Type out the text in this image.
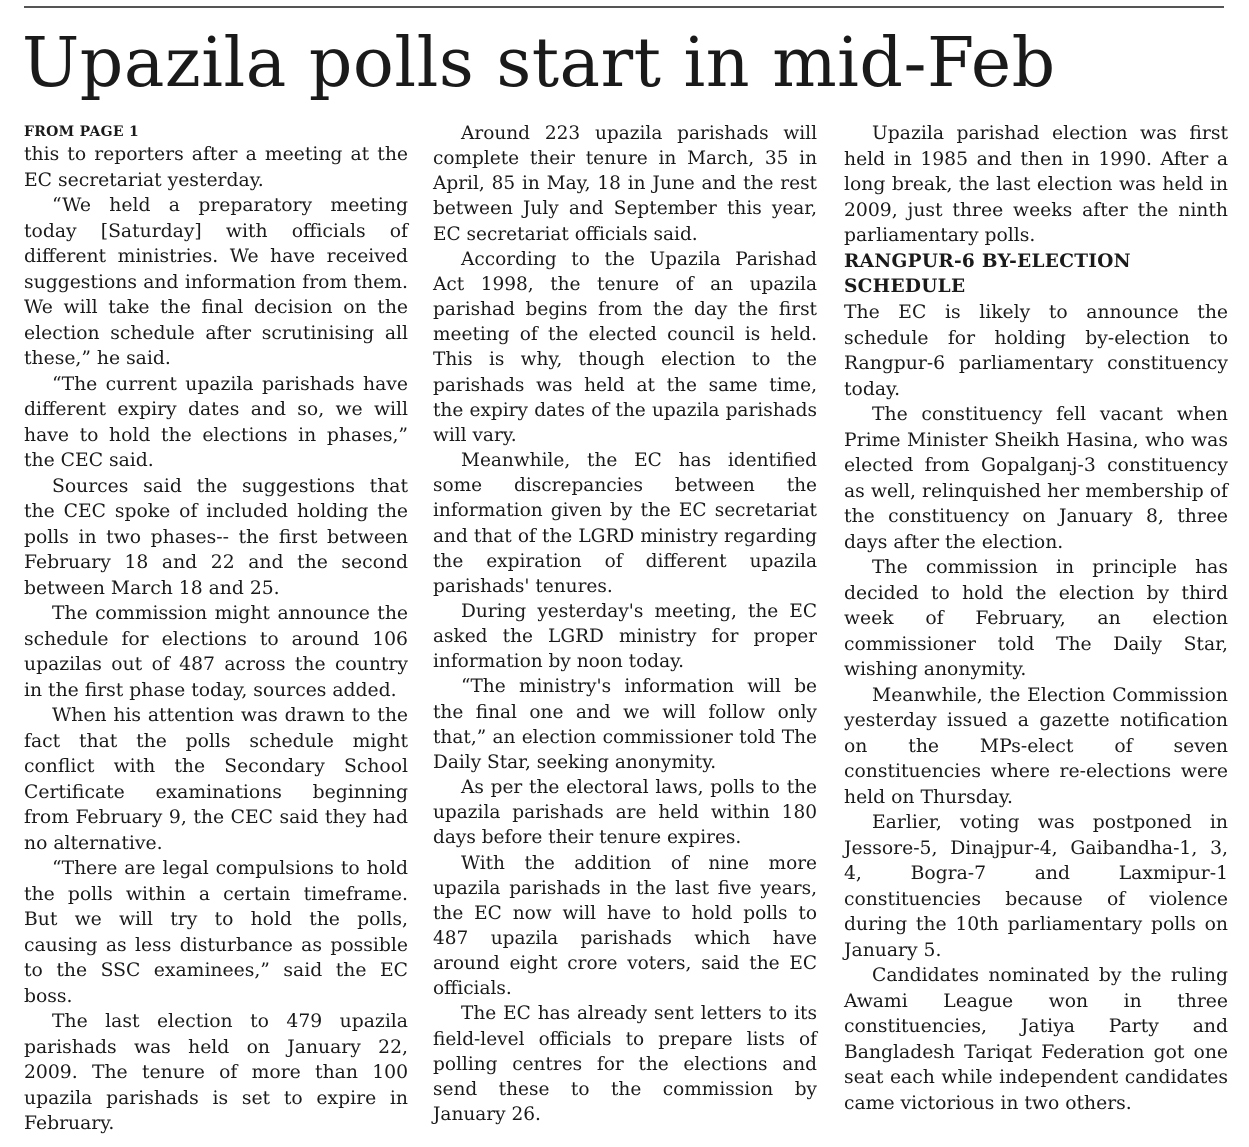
Upazila polls start in mid-Feb
FROM PAGE 1

this to reporters after a meeting at the EC secretariat yesterday.

“We held a preparatory meeting today [Saturday] with officials of different ministries. We have received suggestions and information from them. We will take the final decision on the election schedule after scrutinising all these,” he said.

“The current upazila parishads have different expiry dates and so, we will have to hold the elections in phases,” the CEC said.

Sources said the suggestions that the CEC spoke of included holding the polls in two phases-- the first between February 18 and 22 and the second between March 18 and 25.

The commission might announce the schedule for elections to around 106 upazilas out of 487 across the country in the first phase today, sources added.

When his attention was drawn to the fact that the polls schedule might conflict with the Secondary School Certificate examinations beginning from February 9, the CEC said they had no alternative.

“There are legal compulsions to hold the polls within a certain timeframe. But we will try to hold the polls, causing as less disturbance as possible to the SSC examinees,” said the EC boss.

The last election to 479 upazila parishads was held on January 22, 2009. The tenure of more than 100 upazila parishads is set to expire in February.

Around 223 upazila parishads will complete their tenure in March, 35 in April, 85 in May, 18 in June and the rest between July and September this year, EC secretariat officials said.

According to the Upazila Parishad Act 1998, the tenure of an upazila parishad begins from the day the first meeting of the elected council is held. This is why, though election to the parishads was held at the same time, the expiry dates of the upazila parishads will vary.

Meanwhile, the EC has identified some discrepancies between the information given by the EC secretariat and that of the LGRD ministry regarding the expiration of different upazila parishads' tenures.

During yesterday's meeting, the EC asked the LGRD ministry for proper information by noon today.

“The ministry's information will be the final one and we will follow only that,” an election commissioner told The Daily Star, seeking anonymity.

As per the electoral laws, polls to the upazila parishads are held within 180 days before their tenure expires.

With the addition of nine more upazila parishads in the last five years, the EC now will have to hold polls to 487 upazila parishads which have around eight crore voters, said the EC officials.

The EC has already sent letters to its field-level officials to prepare lists of polling centres for the elections and send these to the commission by January 26.

Upazila parishad election was first held in 1985 and then in 1990. After a long break, the last election was held in 2009, just three weeks after the ninth parliamentary polls.

RANGPUR-6 BY-ELECTION SCHEDULE

The EC is likely to announce the schedule for holding by-election to Rangpur-6 parliamentary constituency today.

The constituency fell vacant when Prime Minister Sheikh Hasina, who was elected from Gopalganj-3 constituency as well, relinquished her membership of the constituency on January 8, three days after the election.

The commission in principle has decided to hold the election by third week of February, an election commissioner told The Daily Star, wishing anonymity.

Meanwhile, the Election Commission yesterday issued a gazette notification on the MPs-elect of seven constituencies where re-elections were held on Thursday.

Earlier, voting was postponed in Jessore-5, Dinajpur-4, Gaibandha-1, 3, 4, Bogra-7 and Laxmipur-1 constituencies because of violence during the 10th parliamentary polls on January 5.

Candidates nominated by the ruling Awami League won in three constituencies, Jatiya Party and Bangladesh Tariqat Federation got one seat each while independent candidates came victorious in two others.
